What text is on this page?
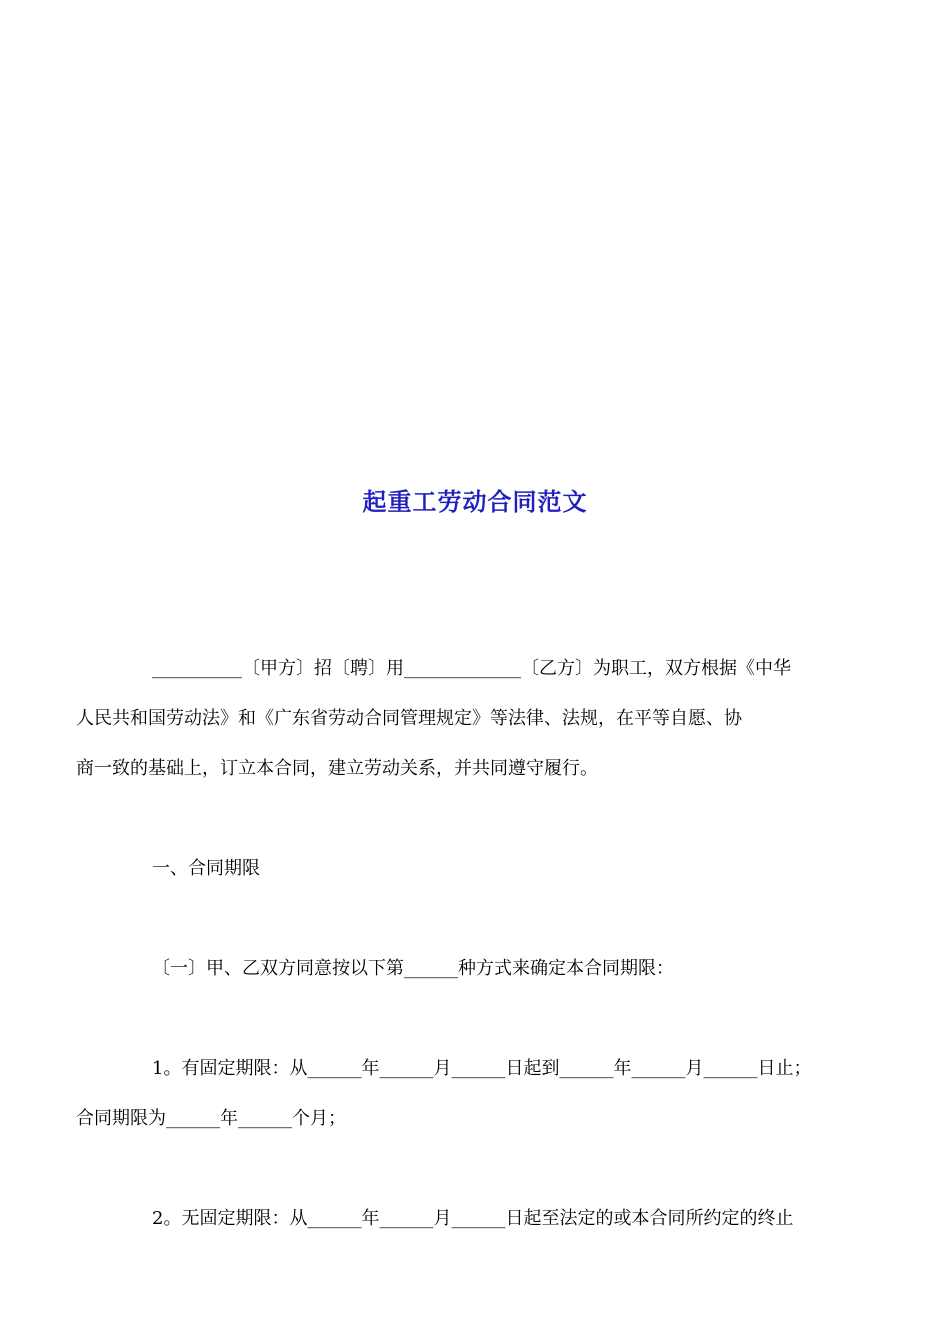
起重工劳动合同范文
__________〔甲方〕招〔聘〕用_____________〔乙方〕为职工，双方根据《中华
人民共和国劳动法》和《广东省劳动合同管理规定》等法律、法规，在平等自愿、协
商一致的基础上，订立本合同，建立劳动关系，并共同遵守履行。
一、合同期限
〔一〕甲、乙双方同意按以下第______种方式来确定本合同期限：
1。有固定期限：从______年______月______日起到______年______月______日止；
合同期限为______年______个月；
2。无固定期限：从______年______月______日起至法定的或本合同所约定的终止
